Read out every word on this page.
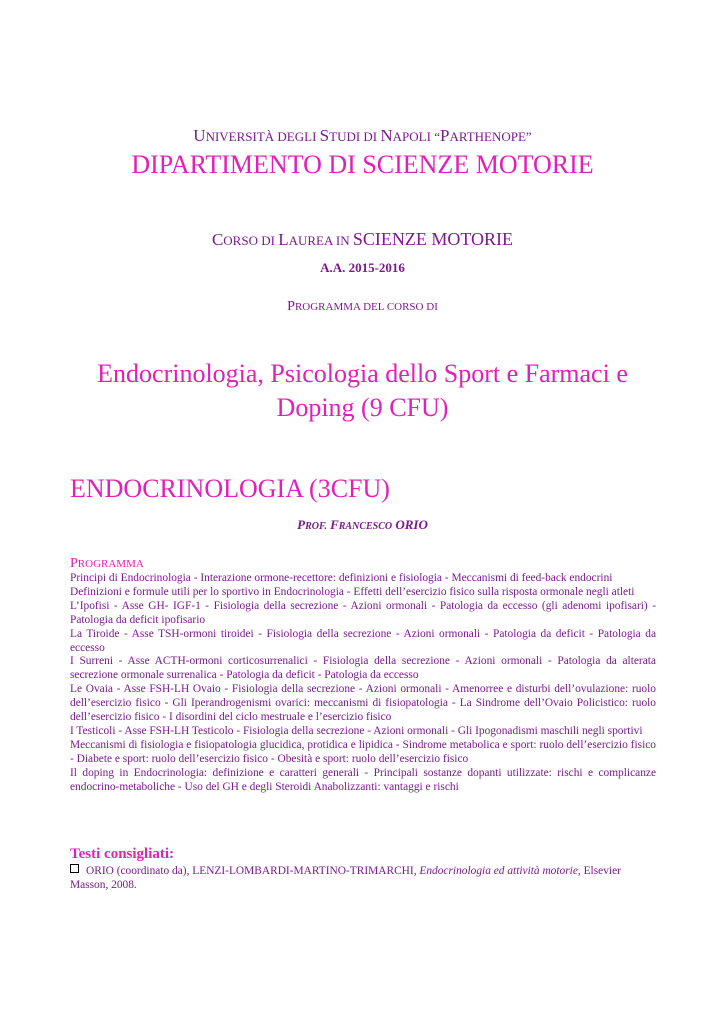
UNIVERSITÀ DEGLI STUDI DI NAPOLI “PARTHENOPE”
DIPARTIMENTO DI SCIENZE MOTORIE
CORSO DI LAUREA IN SCIENZE MOTORIE
A.A. 2015-2016
PROGRAMMA DEL CORSO DI
Endocrinologia, Psicologia dello Sport e Farmaci e
Doping (9 CFU)
ENDOCRINOLOGIA (3CFU)
PROF. FRANCESCO ORIO
PROGRAMMA

Principi di Endocrinologia - Interazione ormone-recettore: definizioni e fisiologia - Meccanismi di feed-back endocrini

Definizioni e formule utili per lo sportivo in Endocrinologia - Effetti dell’esercizio fisico sulla risposta ormonale negli atleti

L’Ipofisi - Asse GH- IGF-1 - Fisiologia della secrezione - Azioni ormonali - Patologia da eccesso (gli adenomi ipofisari) - Patologia da deficit ipofisario

La Tiroide - Asse TSH-ormoni tiroidei - Fisiologia della secrezione - Azioni ormonali - Patologia da deficit - Patologia da eccesso

I Surreni - Asse ACTH-ormoni corticosurrenalici - Fisiologia della secrezione - Azioni ormonali - Patologia da alterata secrezione ormonale surrenalica - Patologia da deficit - Patologia da eccesso

Le Ovaia - Asse FSH-LH Ovaio - Fisiologia della secrezione - Azioni ormonali - Amenorree e disturbi dell’ovulazione: ruolo dell’esercizio fisico - Gli Iperandrogenismi ovarici: meccanismi di fisiopatologia - La Sindrome dell’Ovaio Policistico: ruolo dell’esercizio fisico - I disordini del ciclo mestruale e l’esercizio fisico

I Testicoli - Asse FSH-LH Testicolo - Fisiologia della secrezione - Azioni ormonali - Gli Ipogonadismi maschili negli sportivi

Meccanismi di fisiologia e fisiopatologia glucidica, protidica e lipidica - Sindrome metabolica e sport: ruolo dell’esercizio fisico - Diabete e sport: ruolo dell’esercizio fisico - Obesità e sport: ruolo dell’esercizio fisico

Il doping in Endocrinologia: definizione e caratteri generali - Principali sostanze dopanti utilizzate: rischi e complicanze endocrino-metaboliche - Uso del GH e degli Steroidi Anabolizzanti: vantaggi e rischi

Testi consigliati:
ORIO (coordinato da), LENZI-LOMBARDI-MARTINO-TRIMARCHI, Endocrinologia ed attività motorie, Elsevier Masson, 2008.
